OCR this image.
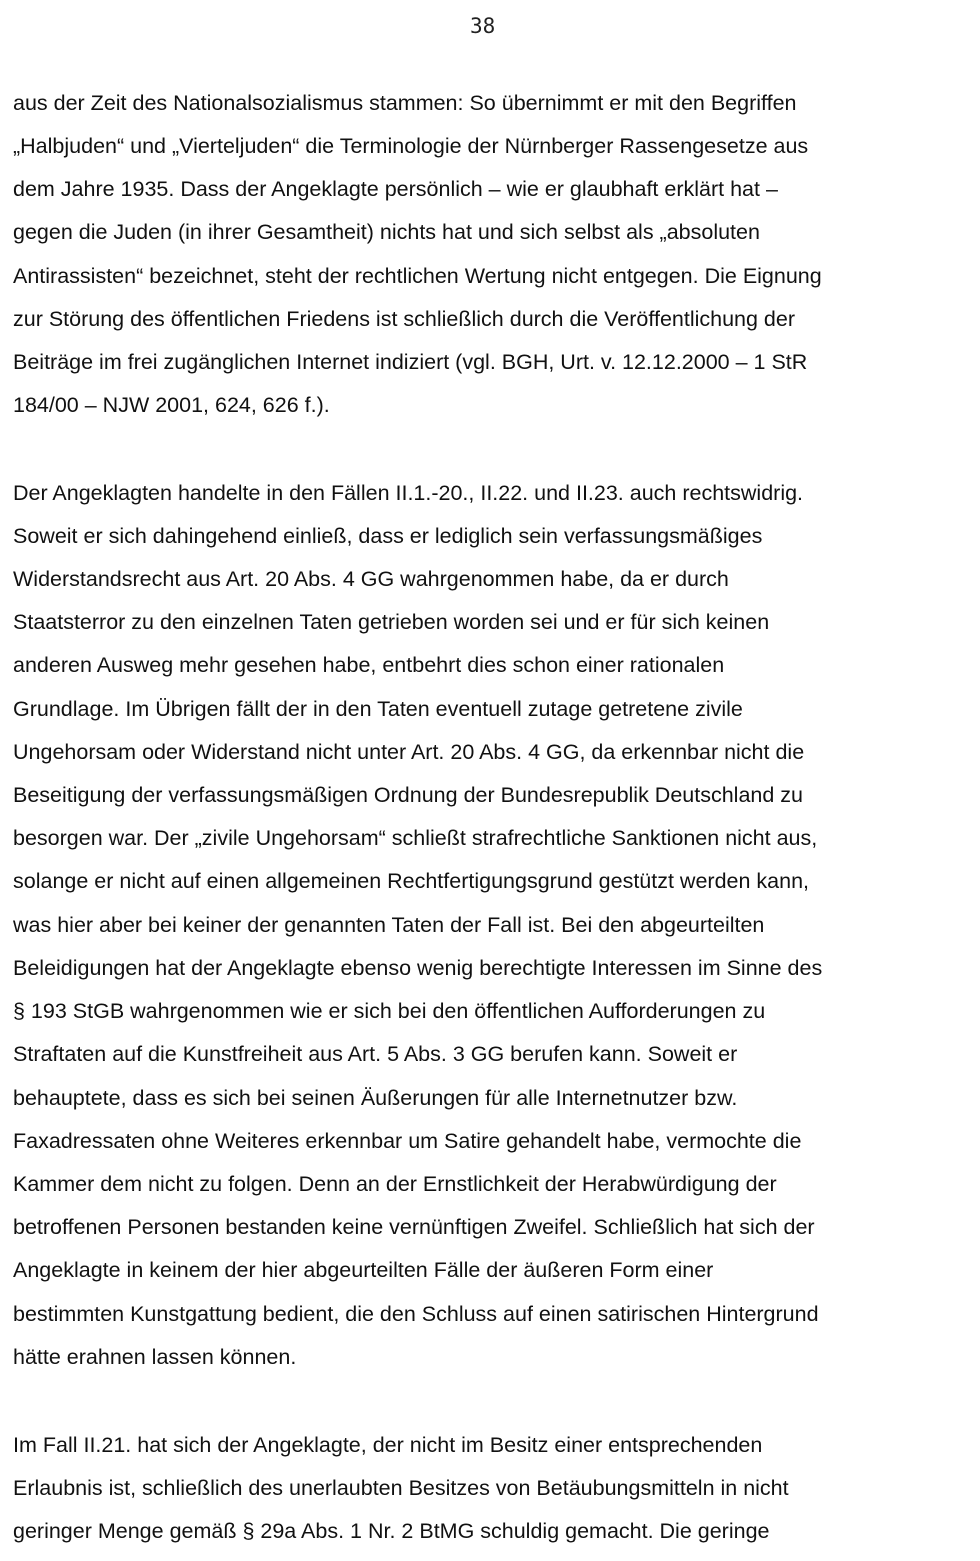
38

aus der Zeit des Nationalsozialismus stammen: So übernimmt er mit den Begriffen

„Halbjuden“ und „Vierteljuden“ die Terminologie der Nürnberger Rassengesetze aus

dem Jahre 1935. Dass der Angeklagte persönlich – wie er glaubhaft erklärt hat –

gegen die Juden (in ihrer Gesamtheit) nichts hat und sich selbst als „absoluten

Antirassisten“ bezeichnet, steht der rechtlichen Wertung nicht entgegen. Die Eignung

zur Störung des öffentlichen Friedens ist schließlich durch die Veröffentlichung der

Beiträge im frei zugänglichen Internet indiziert (vgl. BGH, Urt. v. 12.12.2000 – 1 StR

184/00 – NJW 2001, 624, 626 f.).

Der Angeklagten handelte in den Fällen II.1.-20., II.22. und II.23. auch rechtswidrig.

Soweit er sich dahingehend einließ, dass er lediglich sein verfassungsmäßiges

Widerstandsrecht aus Art. 20 Abs. 4 GG wahrgenommen habe, da er durch

Staatsterror zu den einzelnen Taten getrieben worden sei und er für sich keinen

anderen Ausweg mehr gesehen habe, entbehrt dies schon einer rationalen

Grundlage. Im Übrigen fällt der in den Taten eventuell zutage getretene zivile

Ungehorsam oder Widerstand nicht unter Art. 20 Abs. 4 GG, da erkennbar nicht die

Beseitigung der verfassungsmäßigen Ordnung der Bundesrepublik Deutschland zu

besorgen war. Der „zivile Ungehorsam“ schließt strafrechtliche Sanktionen nicht aus,

solange er nicht auf einen allgemeinen Rechtfertigungsgrund gestützt werden kann,

was hier aber bei keiner der genannten Taten der Fall ist. Bei den abgeurteilten

Beleidigungen hat der Angeklagte ebenso wenig berechtigte Interessen im Sinne des

§ 193 StGB wahrgenommen wie er sich bei den öffentlichen Aufforderungen zu

Straftaten auf die Kunstfreiheit aus Art. 5 Abs. 3 GG berufen kann. Soweit er

behauptete, dass es sich bei seinen Äußerungen für alle Internetnutzer bzw.

Faxadressaten ohne Weiteres erkennbar um Satire gehandelt habe, vermochte die

Kammer dem nicht zu folgen. Denn an der Ernstlichkeit der Herabwürdigung der

betroffenen Personen bestanden keine vernünftigen Zweifel. Schließlich hat sich der

Angeklagte in keinem der hier abgeurteilten Fälle der äußeren Form einer

bestimmten Kunstgattung bedient, die den Schluss auf einen satirischen Hintergrund

hätte erahnen lassen können.

Im Fall II.21. hat sich der Angeklagte, der nicht im Besitz einer entsprechenden

Erlaubnis ist, schließlich des unerlaubten Besitzes von Betäubungsmitteln in nicht

geringer Menge gemäß § 29a Abs. 1 Nr. 2 BtMG schuldig gemacht. Die geringe
